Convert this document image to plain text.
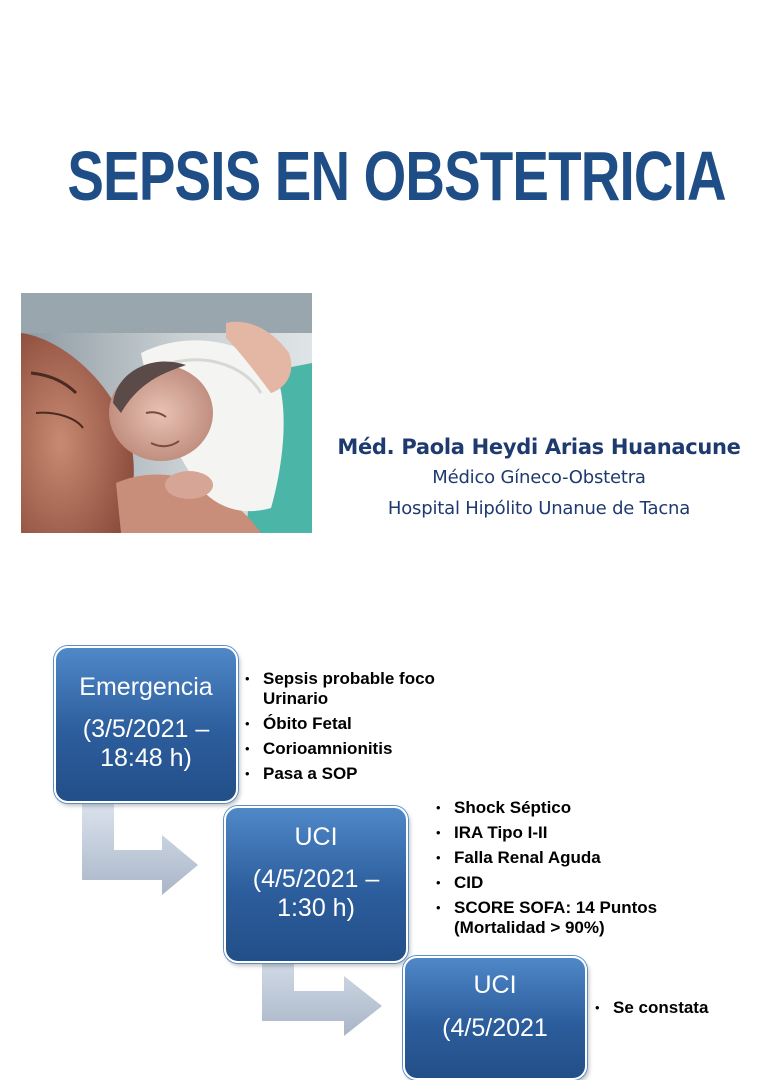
SEPSIS EN OBSTETRICIA
Méd. Paola Heydi Arias Huanacune
Médico Gíneco-Obstetra
Hospital Hipólito Unanue de Tacna
Emergencia
(3/5/2021 – 18:48 h)
• Sepsis probable foco Urinario
• Óbito Fetal
• Corioamnionitis
• Pasa a SOP
UCI
(4/5/2021 – 1:30 h)
• Shock Séptico
• IRA Tipo I-II
• Falla Renal Aguda
• CID
• SCORE SOFA: 14 Puntos (Mortalidad > 90%)
UCI
(4/5/2021
• Se constata
